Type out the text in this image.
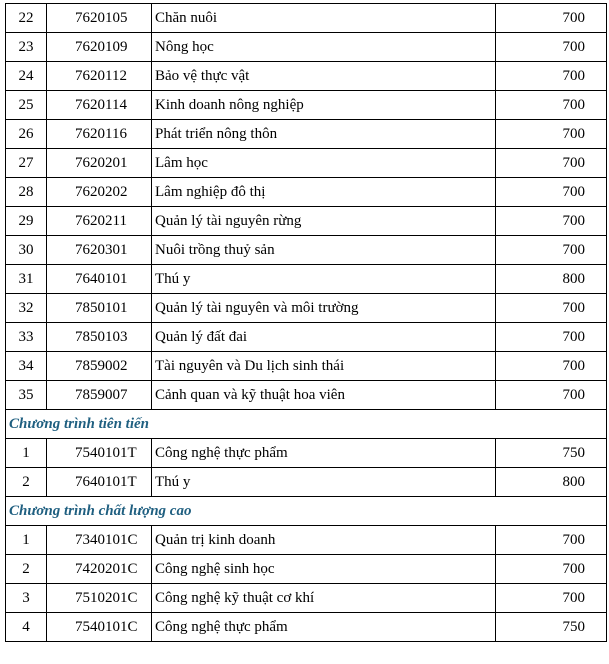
22	7620105	Chăn nuôi	700
23	7620109	Nông học	700
24	7620112	Bảo vệ thực vật	700
25	7620114	Kinh doanh nông nghiệp	700
26	7620116	Phát triển nông thôn	700
27	7620201	Lâm học	700
28	7620202	Lâm nghiệp đô thị	700
29	7620211	Quản lý tài nguyên rừng	700
30	7620301	Nuôi trồng thuỷ sản	700
31	7640101	Thú y	800
32	7850101	Quản lý tài nguyên và môi trường	700
33	7850103	Quản lý đất đai	700
34	7859002	Tài nguyên và Du lịch sinh thái	700
35	7859007	Cảnh quan và kỹ thuật hoa viên	700
Chương trình tiên tiến			
1	7540101T	Công nghệ thực phẩm	750
2	7640101T	Thú y	800
Chương trình chất lượng cao			
1	7340101C	Quản trị kinh doanh	700
2	7420201C	Công nghệ sinh học	700
3	7510201C	Công nghệ kỹ thuật cơ khí	700
4	7540101C	Công nghệ thực phẩm	750
